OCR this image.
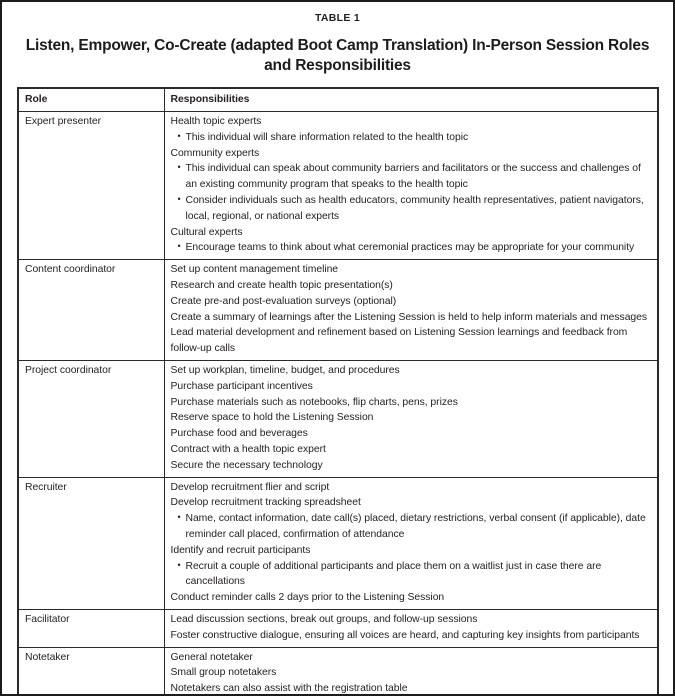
TABLE 1
Listen, Empower, Co-Create (adapted Boot Camp Translation) In-Person Session Roles and Responsibilities
Role	Responsibilities
Expert presenter	Health topic experts
• This individual will share information related to the health topic
Community experts
• This individual can speak about community barriers and facilitators or the success and challenges of an existing community program that speaks to the health topic
• Consider individuals such as health educators, community health representatives, patient navigators, local, regional, or national experts
Cultural experts
• Encourage teams to think about what ceremonial practices may be appropriate for your community

Content coordinator	Set up content management timeline
Research and create health topic presentation(s)
Create pre-and post-evaluation surveys (optional)
Create a summary of learnings after the Listening Session is held to help inform materials and messages
Lead material development and refinement based on Listening Session learnings and feedback from follow-up calls

Project coordinator	Set up workplan, timeline, budget, and procedures
Purchase participant incentives
Purchase materials such as notebooks, flip charts, pens, prizes
Reserve space to hold the Listening Session
Purchase food and beverages
Contract with a health topic expert
Secure the necessary technology

Recruiter	Develop recruitment flier and script
Develop recruitment tracking spreadsheet
• Name, contact information, date call(s) placed, dietary restrictions, verbal consent (if applicable), date reminder call placed, confirmation of attendance
Identify and recruit participants
• Recruit a couple of additional participants and place them on a waitlist just in case there are cancellations
Conduct reminder calls 2 days prior to the Listening Session

Facilitator	Lead discussion sections, break out groups, and follow-up sessions
Foster constructive dialogue, ensuring all voices are heard, and capturing key insights from participants

Notetaker	General notetaker
Small group notetakers
Notetakers can also assist with the registration table
